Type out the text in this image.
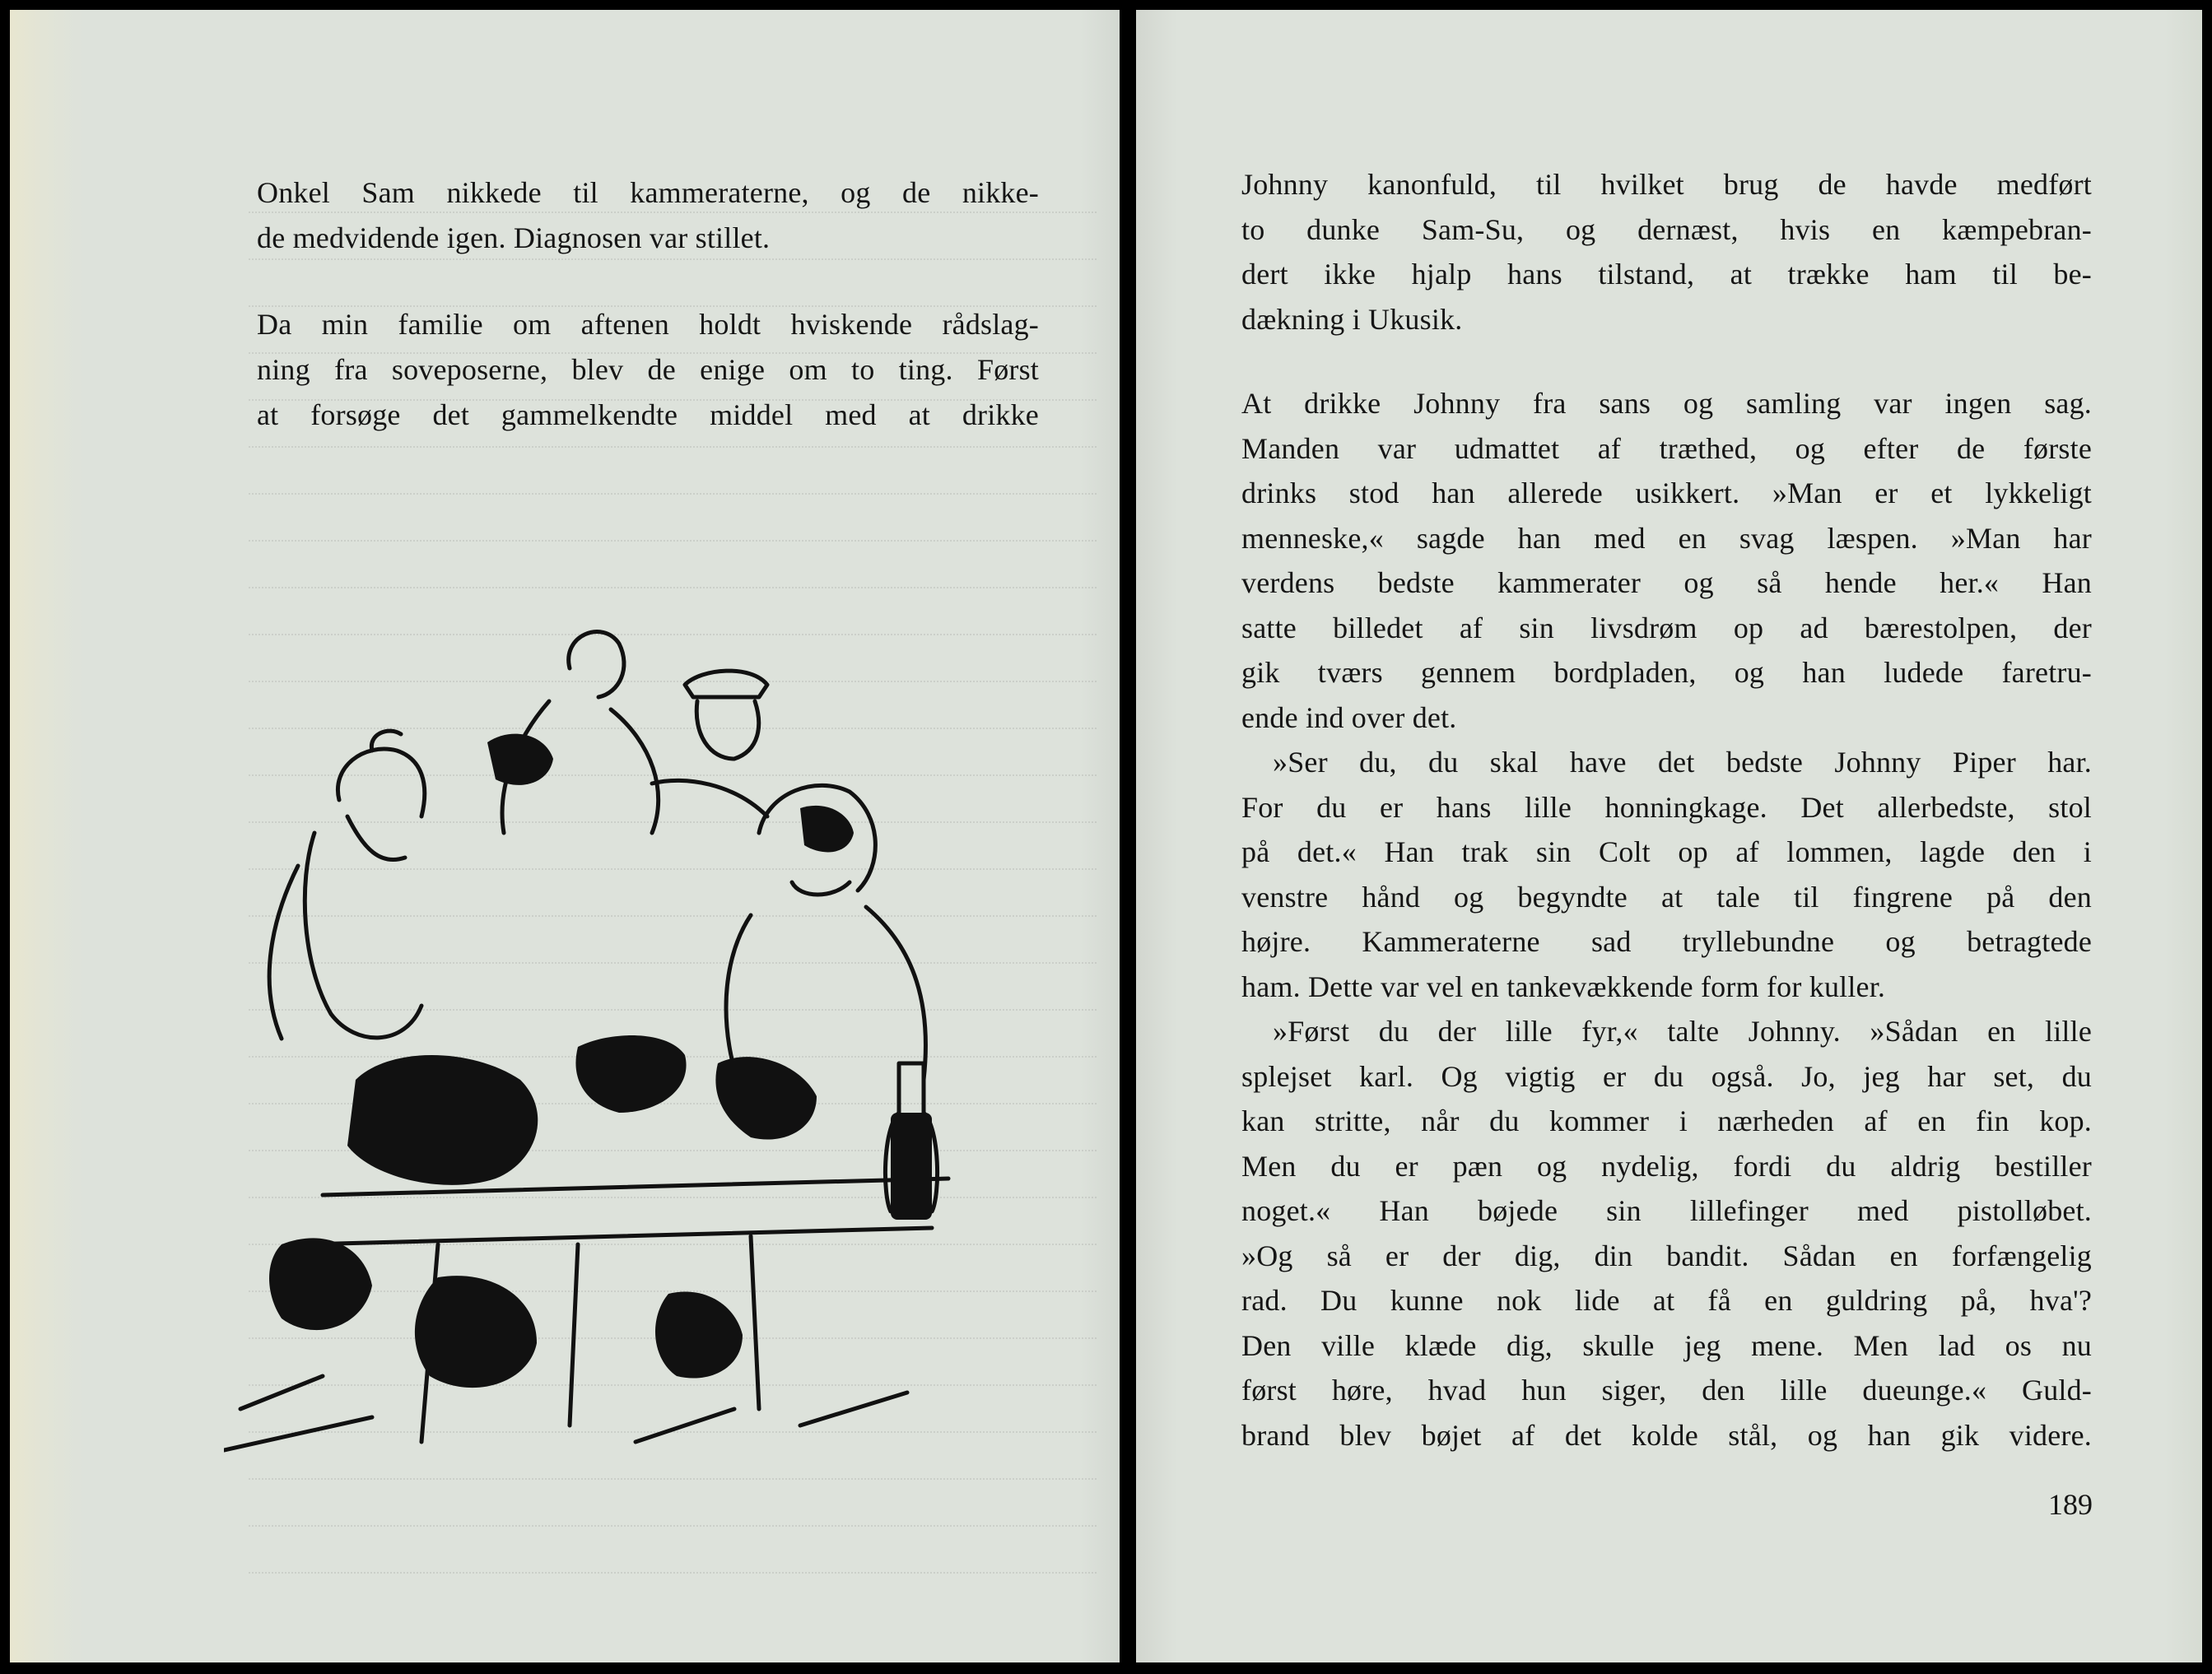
Onkel Sam nikkede til kammeraterne, og de nikke-
de medvidende igen. Diagnosen var stillet.
Da min familie om aftenen holdt hviskende rådslag-
ning fra soveposerne, blev de enige om to ting. Først
at forsøge det gammelkendte middel med at drikke
Johnny kanonfuld, til hvilket brug de havde medført
to dunke Sam-Su, og dernæst, hvis en kæmpebran-
dert ikke hjalp hans tilstand, at trække ham til be-
dækning i Ukusik.
At drikke Johnny fra sans og samling var ingen sag.
Manden var udmattet af træthed, og efter de første
drinks stod han allerede usikkert. »Man er et lykkeligt
menneske,« sagde han med en svag læspen. »Man har
verdens bedste kammerater og så hende her.« Han
satte billedet af sin livsdrøm op ad bærestolpen, der
gik tværs gennem bordpladen, og han ludede faretru-
ende ind over det.
»Ser du, du skal have det bedste Johnny Piper har.
For du er hans lille honningkage. Det allerbedste, stol
på det.« Han trak sin Colt op af lommen, lagde den i
venstre hånd og begyndte at tale til fingrene på den
højre. Kammeraterne sad tryllebundne og betragtede
ham. Dette var vel en tankevækkende form for kuller.
»Først du der lille fyr,« talte Johnny. »Sådan en lille
splejset karl. Og vigtig er du også. Jo, jeg har set, du
kan stritte, når du kommer i nærheden af en fin kop.
Men du er pæn og nydelig, fordi du aldrig bestiller
noget.« Han bøjede sin lillefinger med pistolløbet.
»Og så er der dig, din bandit. Sådan en forfængelig
rad. Du kunne nok lide at få en guldring på, hva'?
Den ville klæde dig, skulle jeg mene. Men lad os nu
først høre, hvad hun siger, den lille dueunge.« Guld-
brand blev bøjet af det kolde stål, og han gik videre.
189
